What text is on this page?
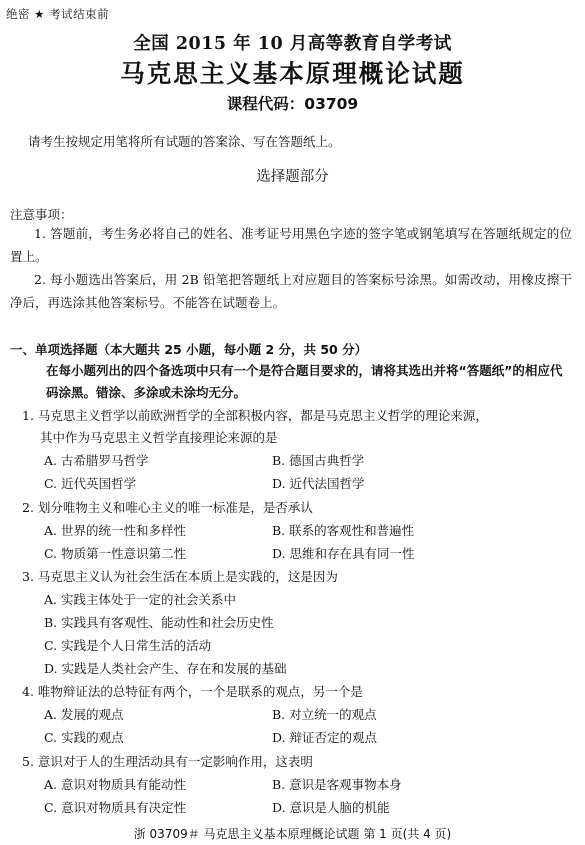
绝密 ★ 考试结束前
全国 2015 年 10 月高等教育自学考试
马克思主义基本原理概论试题
课程代码：03709
请考生按规定用笔将所有试题的答案涂、写在答题纸上。
选择题部分
注意事项：
1. 答题前，考生务必将自己的姓名、准考证号用黑色字迹的签字笔或钢笔填写在答题纸规定的位置上。
2. 每小题选出答案后，用 2B 铅笔把答题纸上对应题目的答案标号涂黑。如需改动，用橡皮擦干净后，再选涂其他答案标号。不能答在试题卷上。
一、单项选择题（本大题共 25 小题，每小题 2 分，共 50 分）
在每小题列出的四个备选项中只有一个是符合题目要求的，请将其选出并将“答题纸”的相应代码涂黑。错涂、多涂或未涂均无分。
1. 马克思主义哲学以前欧洲哲学的全部积极内容，都是马克思主义哲学的理论来源，
其中作为马克思主义哲学直接理论来源的是
A. 古希腊罗马哲学	B. 德国古典哲学
C. 近代英国哲学	D. 近代法国哲学
2. 划分唯物主义和唯心主义的唯一标准是，是否承认
A. 世界的统一性和多样性	B. 联系的客观性和普遍性
C. 物质第一性意识第二性	D. 思维和存在具有同一性
3. 马克思主义认为社会生活在本质上是实践的，这是因为
A. 实践主体处于一定的社会关系中
B. 实践具有客观性、能动性和社会历史性
C. 实践是个人日常生活的活动
D. 实践是人类社会产生、存在和发展的基础
4. 唯物辩证法的总特征有两个，一个是联系的观点，另一个是
A. 发展的观点	B. 对立统一的观点
C. 实践的观点	D. 辩证否定的观点
5. 意识对于人的生理活动具有一定影响作用，这表明
A. 意识对物质具有能动性	B. 意识是客观事物本身
C. 意识对物质具有决定性	D. 意识是人脑的机能
浙 03709＃ 马克思主义基本原理概论试题 第 1 页(共 4 页)
